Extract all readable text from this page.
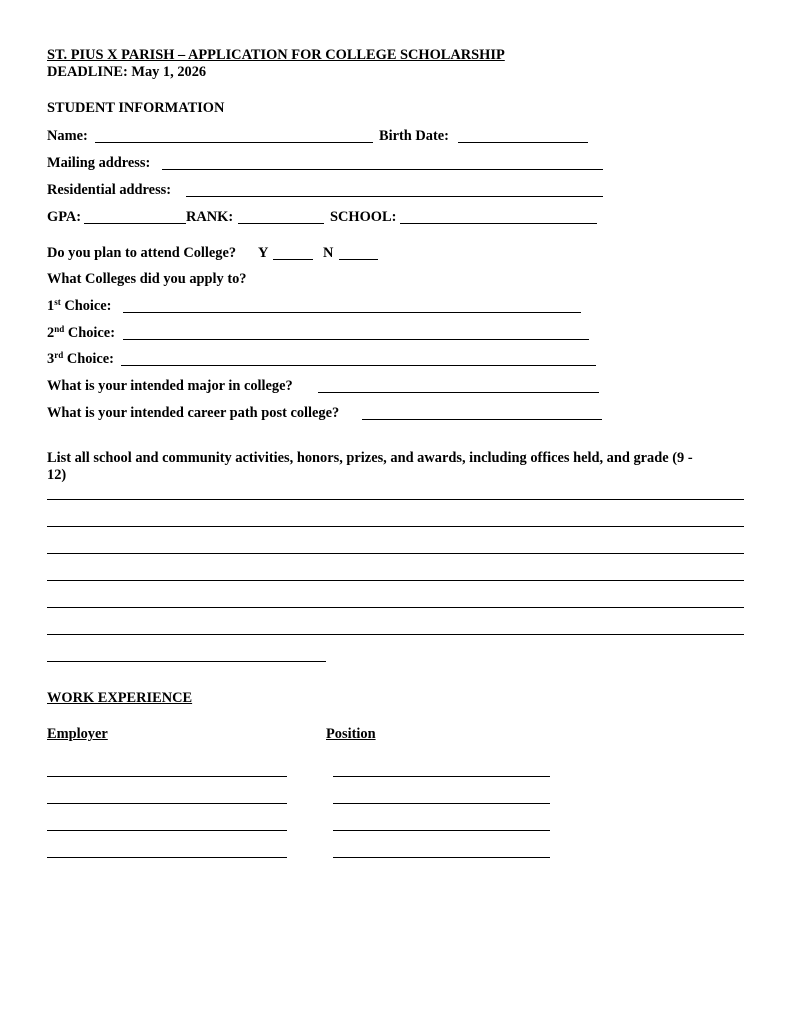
ST. PIUS X PARISH – APPLICATION FOR COLLEGE SCHOLARSHIP
DEADLINE: May 1, 2026
STUDENT INFORMATION
Name:	Birth Date:
Mailing address:
Residential address:
GPA:	RANK:	SCHOOL:
Do you plan to attend College? Y	N
What Colleges did you apply to?
1st Choice:
2nd Choice:
3rd Choice:
What is your intended major in college?
What is your intended career path post college?
List all school and community activities, honors, prizes, and awards, including offices held, and grade (9 -
12)
WORK EXPERIENCE
Employer	Position
